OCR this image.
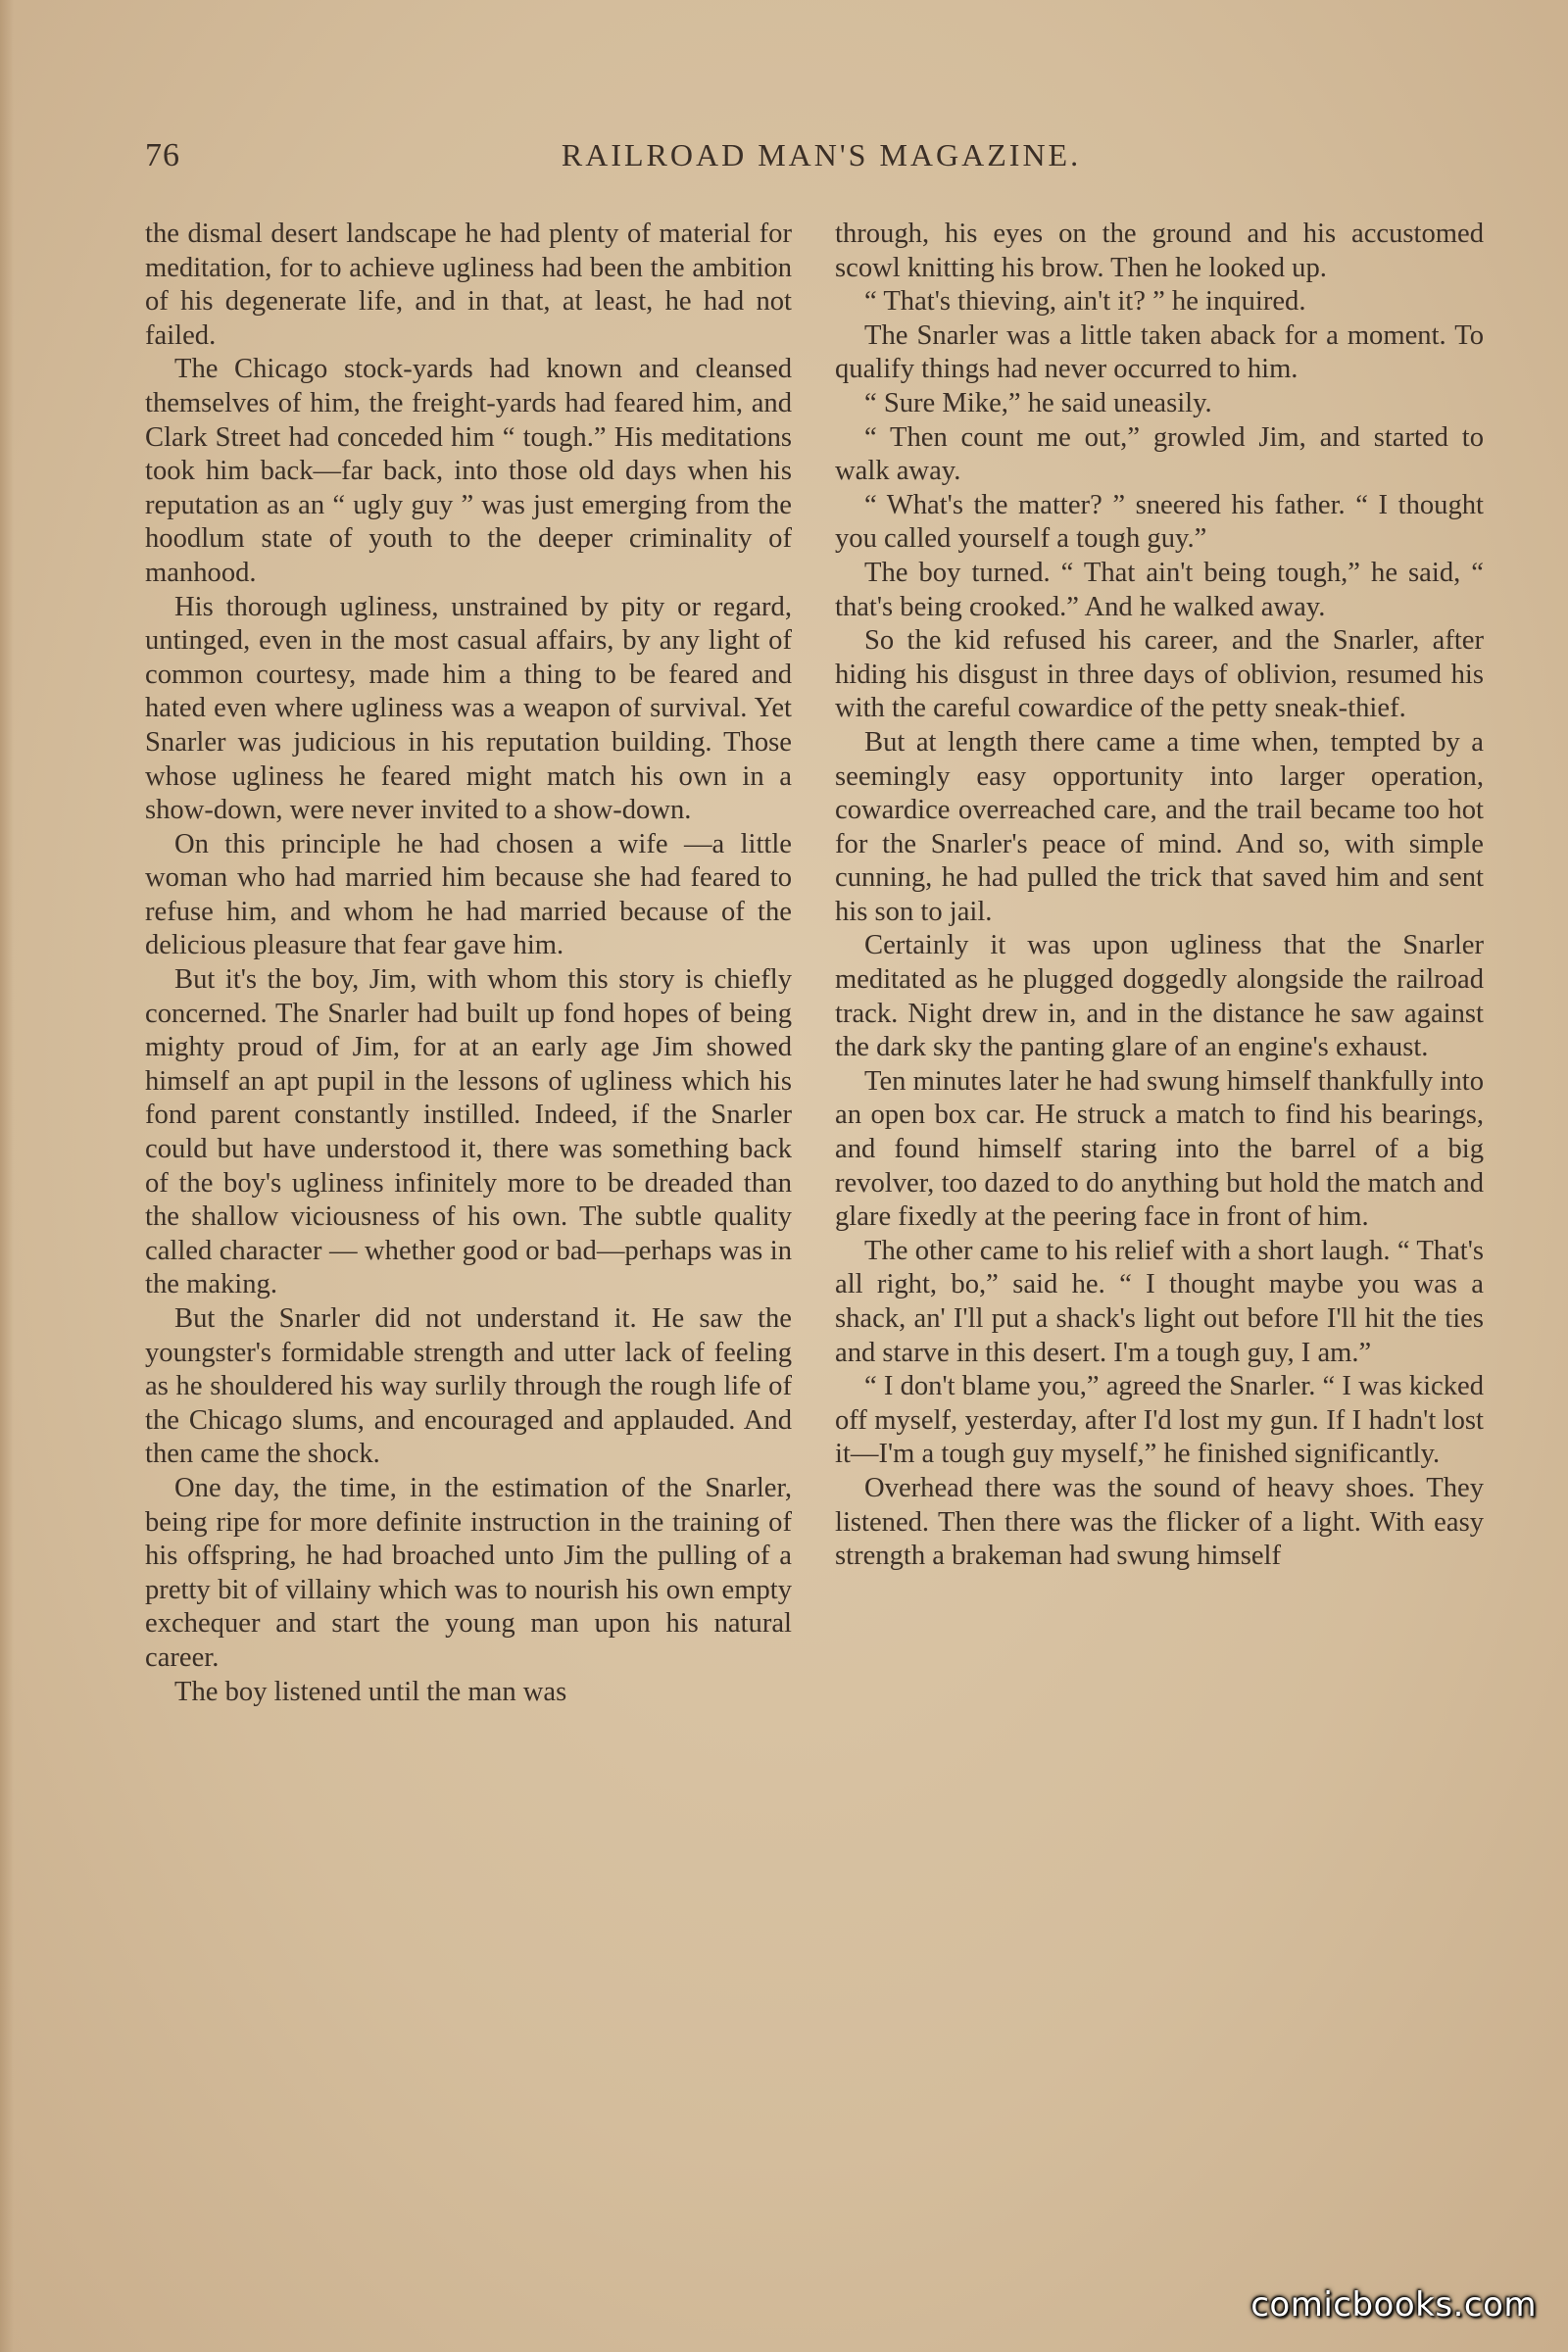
76	RAILROAD MAN'S MAGAZINE.

the dismal desert landscape he had plenty of material for meditation, for to achieve ugliness had been the ambition of his degenerate life, and in that, at least, he had not failed.

The Chicago stock-yards had known and cleansed themselves of him, the freight-yards had feared him, and Clark Street had conceded him “ tough.” His meditations took him back—far back, into those old days when his reputation as an “ ugly guy ” was just emerging from the hoodlum state of youth to the deeper criminality of manhood.

His thorough ugliness, unstrained by pity or regard, untinged, even in the most casual affairs, by any light of common courtesy, made him a thing to be feared and hated even where ugliness was a weapon of survival. Yet Snarler was judicious in his reputation building. Those whose ugliness he feared might match his own in a show-down, were never invited to a show-down.

On this principle he had chosen a wife —a little woman who had married him because she had feared to refuse him, and whom he had married because of the delicious pleasure that fear gave him.

But it's the boy, Jim, with whom this story is chiefly concerned. The Snarler had built up fond hopes of being mighty proud of Jim, for at an early age Jim showed himself an apt pupil in the lessons of ugliness which his fond parent constantly instilled. Indeed, if the Snarler could but have understood it, there was something back of the boy's ugliness infinitely more to be dreaded than the shallow viciousness of his own. The subtle quality called character — whether good or bad—perhaps was in the making.

But the Snarler did not understand it. He saw the youngster's formidable strength and utter lack of feeling as he shouldered his way surlily through the rough life of the Chicago slums, and encouraged and applauded. And then came the shock.

One day, the time, in the estimation of the Snarler, being ripe for more definite instruction in the training of his offspring, he had broached unto Jim the pulling of a pretty bit of villainy which was to nourish his own empty exchequer and start the young man upon his natural career.

The boy listened until the man was

through, his eyes on the ground and his accustomed scowl knitting his brow. Then he looked up.

“ That's thieving, ain't it? ” he inquired.

The Snarler was a little taken aback for a moment. To qualify things had never occurred to him.

“ Sure Mike,” he said uneasily.

“ Then count me out,” growled Jim, and started to walk away.

“ What's the matter? ” sneered his father. “ I thought you called yourself a tough guy.”

The boy turned. “ That ain't being tough,” he said, “ that's being crooked.” And he walked away.

So the kid refused his career, and the Snarler, after hiding his disgust in three days of oblivion, resumed his with the careful cowardice of the petty sneak-thief.

But at length there came a time when, tempted by a seemingly easy opportunity into larger operation, cowardice overreached care, and the trail became too hot for the Snarler's peace of mind. And so, with simple cunning, he had pulled the trick that saved him and sent his son to jail.

Certainly it was upon ugliness that the Snarler meditated as he plugged doggedly alongside the railroad track. Night drew in, and in the distance he saw against the dark sky the panting glare of an engine's exhaust.

Ten minutes later he had swung himself thankfully into an open box car. He struck a match to find his bearings, and found himself staring into the barrel of a big revolver, too dazed to do anything but hold the match and glare fixedly at the peering face in front of him.

The other came to his relief with a short laugh. “ That's all right, bo,” said he. “ I thought maybe you was a shack, an' I'll put a shack's light out before I'll hit the ties and starve in this desert. I'm a tough guy, I am.”

“ I don't blame you,” agreed the Snarler. “ I was kicked off myself, yesterday, after I'd lost my gun. If I hadn't lost it—I'm a tough guy myself,” he finished significantly.

Overhead there was the sound of heavy shoes. They listened. Then there was the flicker of a light. With easy strength a brakeman had swung himself

comicbooks.com
